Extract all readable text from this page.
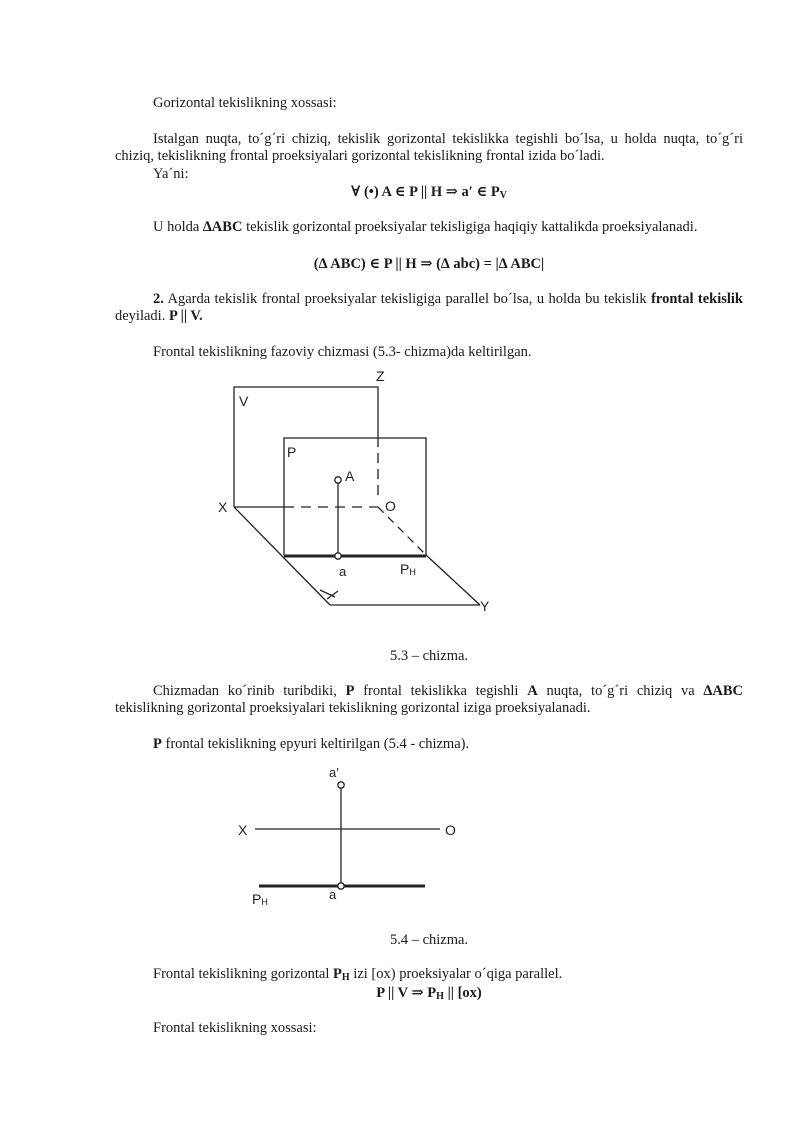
Gorizontal tekislikning xossasi:

Istalgan nuqta, to´g´ri chiziq, tekislik gorizontal tekislikka tegishli bo´lsa, u holda nuqta, to´g´ri chiziq, tekislikning frontal proeksiyalari gorizontal tekislikning frontal izida bo´ladi.

Ya´ni:

∀ (•) A ∈ P || H ⇒ a′ ∈ $P_V$

U holda ∆ABC tekislik gorizontal proeksiyalar tekisligiga haqiqiy kattalikda proeksiyalanadi.

(∆ ABC) ∈ P || H ⇒ (∆ abc) = |∆ ABC|

2. Agarda tekislik frontal proeksiyalar tekisligiga parallel bo´lsa, u holda bu tekislik frontal tekislik deyiladi. P || V.

Frontal tekislikning fazoviy chizmasi (5.3- chizma)da keltirilgan.

Z
V
P
A
X	O
a	PH
Y

5.3 – chizma.

Chizmadan ko´rinib turibdiki, P frontal tekislikka tegishli A nuqta, to´g´ri chiziq va ∆ABC tekislikning gorizontal proeksiyalari tekislikning gorizontal iziga proeksiyalanadi.

P frontal tekislikning epyuri keltirilgan (5.4 - chizma).

a′
X	O
PH	a

5.4 – chizma.

Frontal tekislikning gorizontal $P_H$ izi [ox) proeksiyalar o´qiga parallel.

P || V ⇒ $P_H$ || [ox)

Frontal tekislikning xossasi:
